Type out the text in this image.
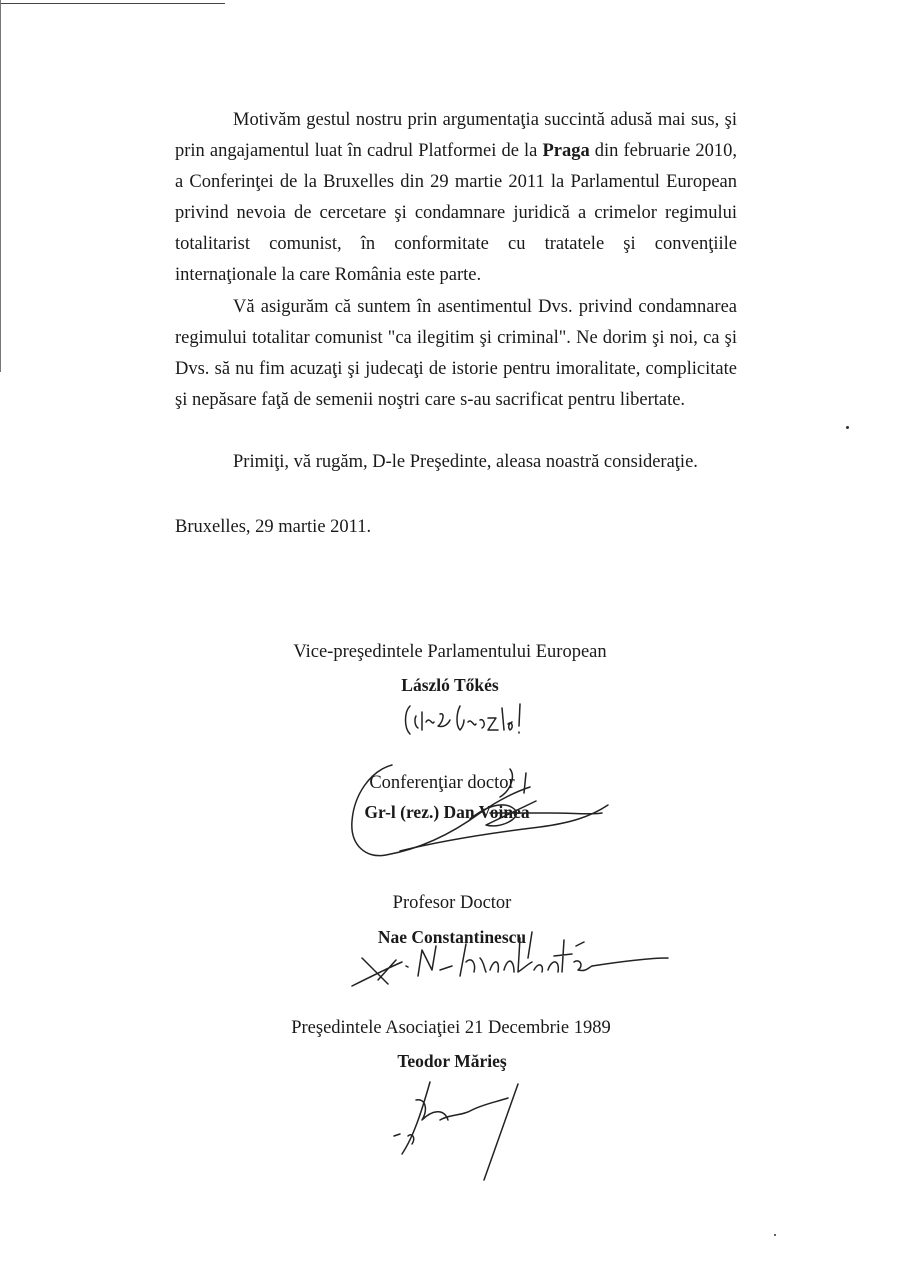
Motivăm gestul nostru prin argumentaţia succintă adusă mai sus, şi prin angajamentul luat în cadrul Platformei de la Praga din februarie 2010, a Conferinţei de la Bruxelles din 29 martie 2011 la Parlamentul European privind nevoia de cercetare şi condamnare juridică a crimelor regimului totalitarist comunist, în conformitate cu tratatele şi convenţiile internaţionale la care România este parte.

Vă asigurăm că suntem în asentimentul Dvs. privind condamnarea regimului totalitar comunist "ca ilegitim şi criminal". Ne dorim şi noi, ca şi Dvs. să nu fim acuzaţi şi judecaţi de istorie pentru imoralitate, complicitate şi nepăsare faţă de semenii noştri care s-au sacrificat pentru libertate.

Primiţi, vă rugăm, D-le Preşedinte, aleasa noastră consideraţie.

Bruxelles, 29 martie 2011.

Vice-preşedintele Parlamentului European

László Tőkés

Conferenţiar doctor

Gr-l (rez.) Dan Voinea

Profesor Doctor

Nae Constantinescu

Preşedintele Asociaţiei 21 Decembrie 1989

Teodor Mărieş
